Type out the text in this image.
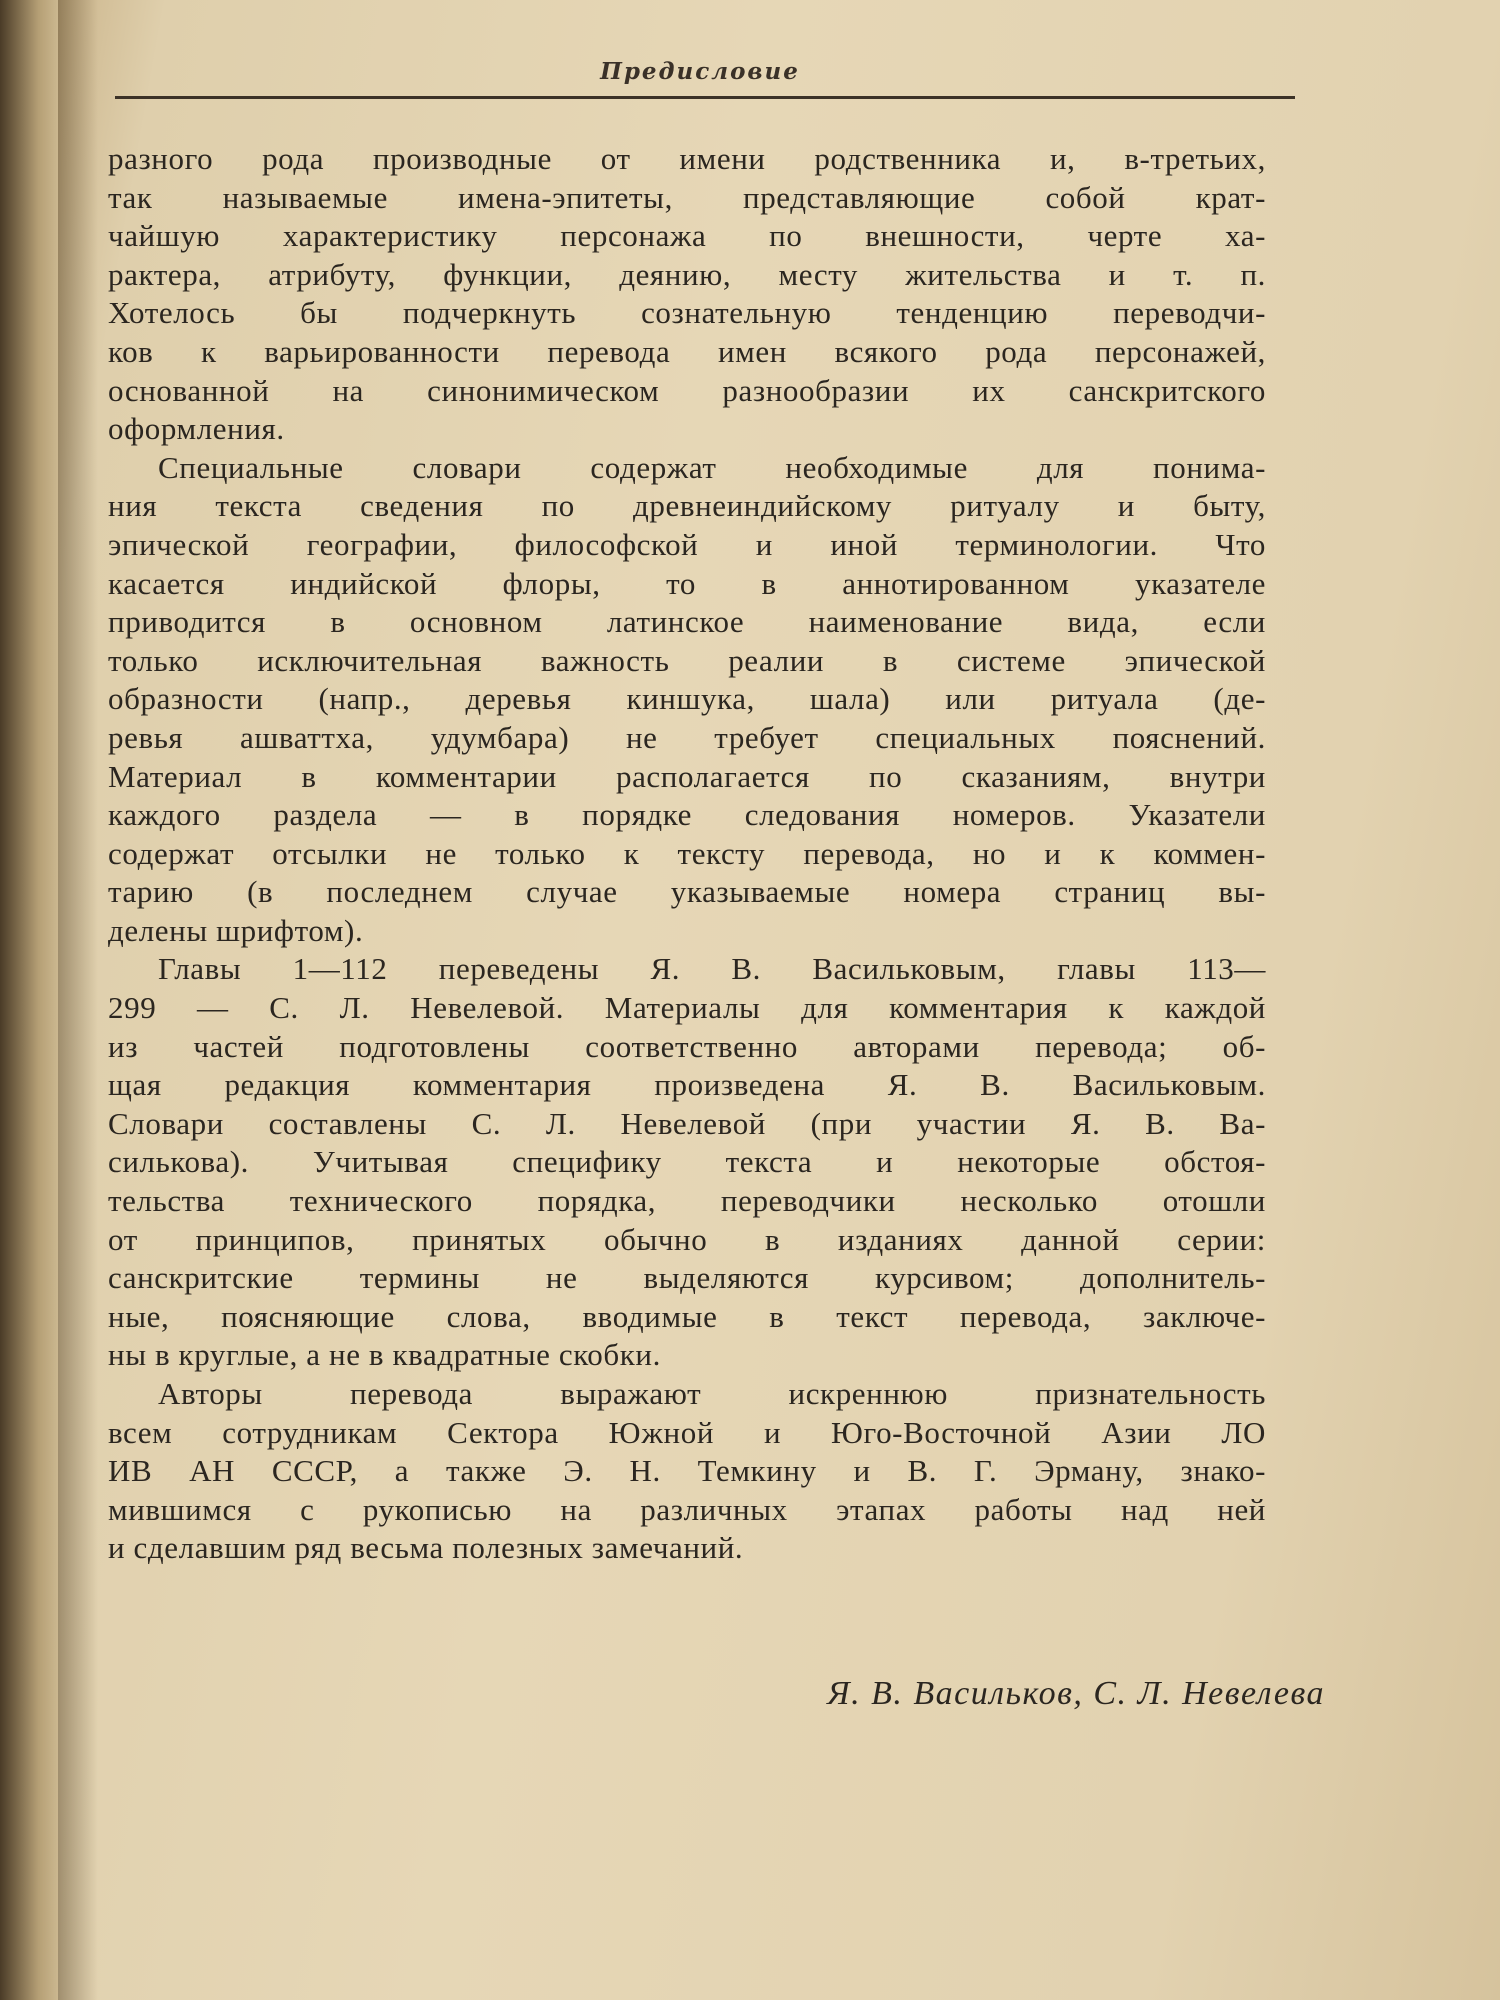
Предисловие
разного рода производные от имени родственника и, в-третьих,
так называемые имена-эпитеты, представляющие собой крат-
чайшую характеристику персонажа по внешности, черте ха-
рактера, атрибуту, функции, деянию, месту жительства и т. п.
Хотелось бы подчеркнуть сознательную тенденцию переводчи-
ков к варьированности перевода имен всякого рода персонажей,
основанной на синонимическом разнообразии их санскритского
оформления.
Специальные словари содержат необходимые для понима-
ния текста сведения по древнеиндийскому ритуалу и быту,
эпической географии, философской и иной терминологии. Что
касается индийской флоры, то в аннотированном указателе
приводится в основном латинское наименование вида, если
только исключительная важность реалии в системе эпической
образности (напр., деревья киншука, шала) или ритуала (де-
ревья ашваттха, удумбара) не требует специальных пояснений.
Материал в комментарии располагается по сказаниям, внутри
каждого раздела — в порядке следования номеров. Указатели
содержат отсылки не только к тексту перевода, но и к коммен-
тарию (в последнем случае указываемые номера страниц вы-
делены шрифтом).
Главы 1—112 переведены Я. В. Васильковым, главы 113—
299 — С. Л. Невелевой. Материалы для комментария к каждой
из частей подготовлены соответственно авторами перевода; об-
щая редакция комментария произведена Я. В. Васильковым.
Словари составлены С. Л. Невелевой (при участии Я. В. Ва-
силькова). Учитывая специфику текста и некоторые обстоя-
тельства технического порядка, переводчики несколько отошли
от принципов, принятых обычно в изданиях данной серии:
санскритские термины не выделяются курсивом; дополнитель-
ные, поясняющие слова, вводимые в текст перевода, заключе-
ны в круглые, а не в квадратные скобки.
Авторы перевода выражают искреннюю признательность
всем сотрудникам Сектора Южной и Юго-Восточной Азии ЛО
ИВ АН СССР, а также Э. Н. Темкину и В. Г. Эрману, знако-
мившимся с рукописью на различных этапах работы над ней
и сделавшим ряд весьма полезных замечаний.
Я. В. Васильков, С. Л. Невелева
